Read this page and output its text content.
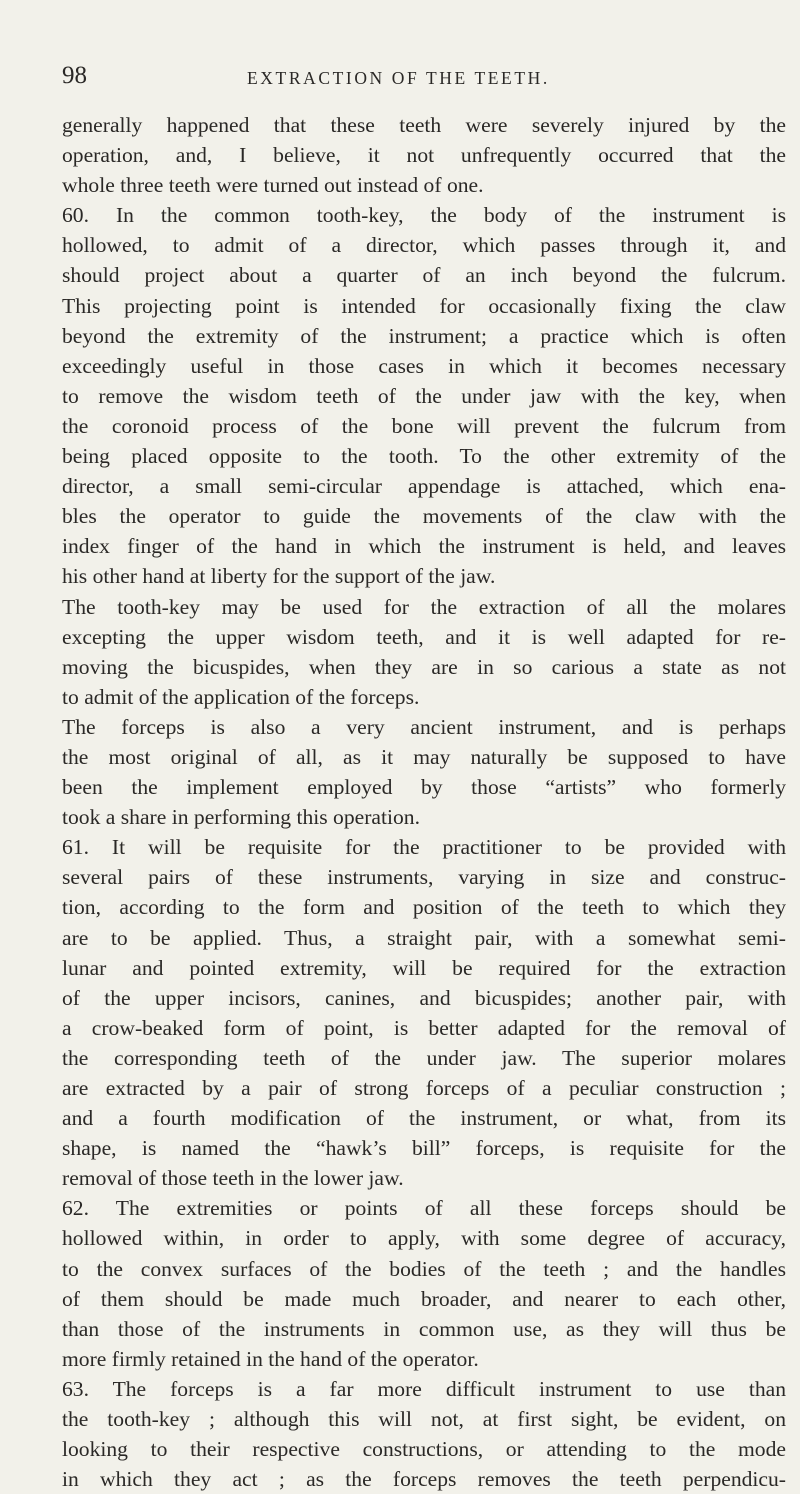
98	EXTRACTION OF THE TEETH.
generally happened that these teeth were severely injured by the
operation, and, I believe, it not unfrequently occurred that the
whole three teeth were turned out instead of one.
60. In the common tooth-key, the body of the instrument is
hollowed, to admit of a director, which passes through it, and
should project about a quarter of an inch beyond the fulcrum.
This projecting point is intended for occasionally fixing the claw
beyond the extremity of the instrument; a practice which is often
exceedingly useful in those cases in which it becomes necessary
to remove the wisdom teeth of the under jaw with the key, when
the coronoid process of the bone will prevent the fulcrum from
being placed opposite to the tooth. To the other extremity of the
director, a small semi-circular appendage is attached, which ena-
bles the operator to guide the movements of the claw with the
index finger of the hand in which the instrument is held, and leaves
his other hand at liberty for the support of the jaw.
The tooth-key may be used for the extraction of all the molares
excepting the upper wisdom teeth, and it is well adapted for re-
moving the bicuspides, when they are in so carious a state as not
to admit of the application of the forceps.
The forceps is also a very ancient instrument, and is perhaps
the most original of all, as it may naturally be supposed to have
been the implement employed by those “artists” who formerly
took a share in performing this operation.
61. It will be requisite for the practitioner to be provided with
several pairs of these instruments, varying in size and construc-
tion, according to the form and position of the teeth to which they
are to be applied. Thus, a straight pair, with a somewhat semi-
lunar and pointed extremity, will be required for the extraction
of the upper incisors, canines, and bicuspides; another pair, with
a crow-beaked form of point, is better adapted for the removal of
the corresponding teeth of the under jaw. The superior molares
are extracted by a pair of strong forceps of a peculiar construction ;
and a fourth modification of the instrument, or what, from its
shape, is named the “hawk’s bill” forceps, is requisite for the
removal of those teeth in the lower jaw.
62. The extremities or points of all these forceps should be
hollowed within, in order to apply, with some degree of accuracy,
to the convex surfaces of the bodies of the teeth ; and the handles
of them should be made much broader, and nearer to each other,
than those of the instruments in common use, as they will thus be
more firmly retained in the hand of the operator.
63. The forceps is a far more difficult instrument to use than
the tooth-key ; although this will not, at first sight, be evident, on
looking to their respective constructions, or attending to the mode
in which they act ; as the forceps removes the teeth perpendicu-
